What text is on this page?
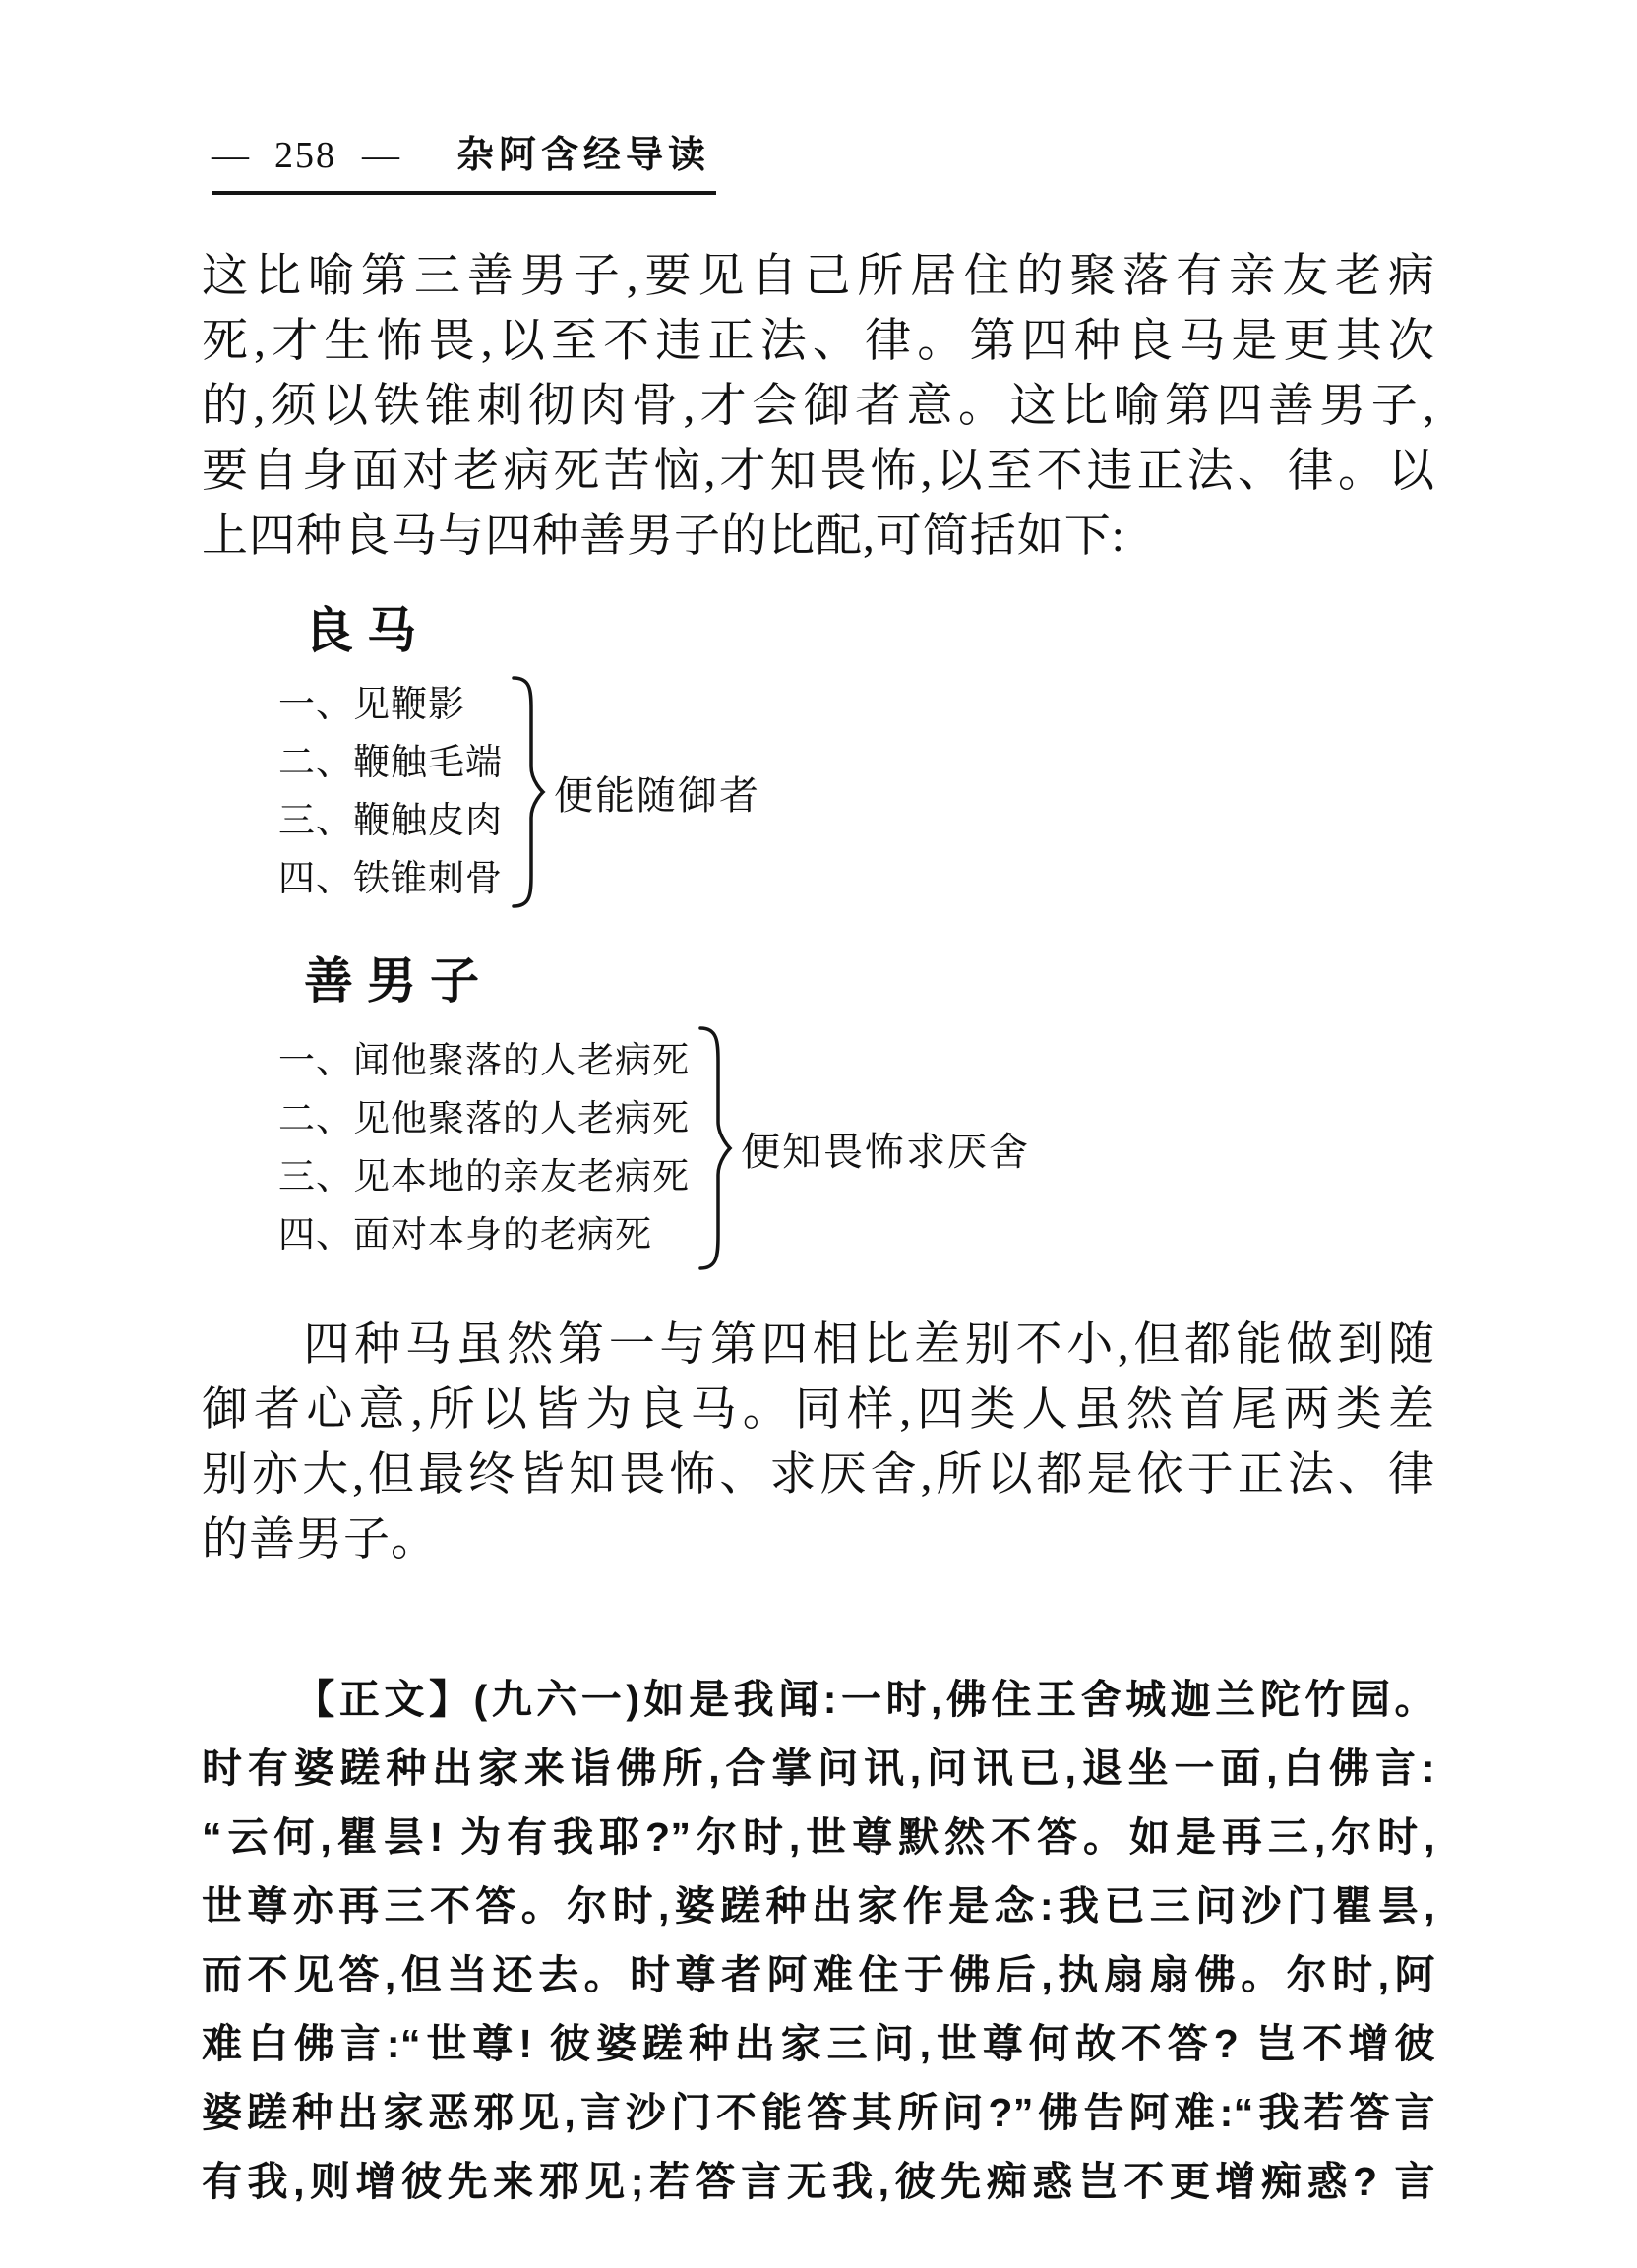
— 258 — 杂阿含经导读
这比喻第三善男子,要见自己所居住的聚落有亲友老病
死,才生怖畏,以至不违正法、律。第四种良马是更其次
的,须以铁锥刺彻肉骨,才会御者意。这比喻第四善男子,
要自身面对老病死苦恼,才知畏怖,以至不违正法、律。以
上四种良马与四种善男子的比配,可简括如下:
良马
一、见鞭影
二、鞭触毛端
三、鞭触皮肉
四、铁锥刺骨
便能随御者
善男子
一、闻他聚落的人老病死
二、见他聚落的人老病死
三、见本地的亲友老病死
四、面对本身的老病死
便知畏怖求厌舍
四种马虽然第一与第四相比差别不小,但都能做到随
御者心意,所以皆为良马。同样,四类人虽然首尾两类差
别亦大,但最终皆知畏怖、求厌舍,所以都是依于正法、律
的善男子。
【正文】(九六一)如是我闻:一时,佛住王舍城迦兰陀竹园。
时有婆蹉种出家来诣佛所,合掌问讯,问讯已,退坐一面,白佛言:
“云何,瞿昙! 为有我耶?”尔时,世尊默然不答。如是再三,尔时,
世尊亦再三不答。尔时,婆蹉种出家作是念:我已三问沙门瞿昙,
而不见答,但当还去。时尊者阿难住于佛后,执扇扇佛。尔时,阿
难白佛言:“世尊! 彼婆蹉种出家三问,世尊何故不答? 岂不增彼
婆蹉种出家恶邪见,言沙门不能答其所问?”佛告阿难:“我若答言
有我,则增彼先来邪见;若答言无我,彼先痴惑岂不更增痴惑? 言
